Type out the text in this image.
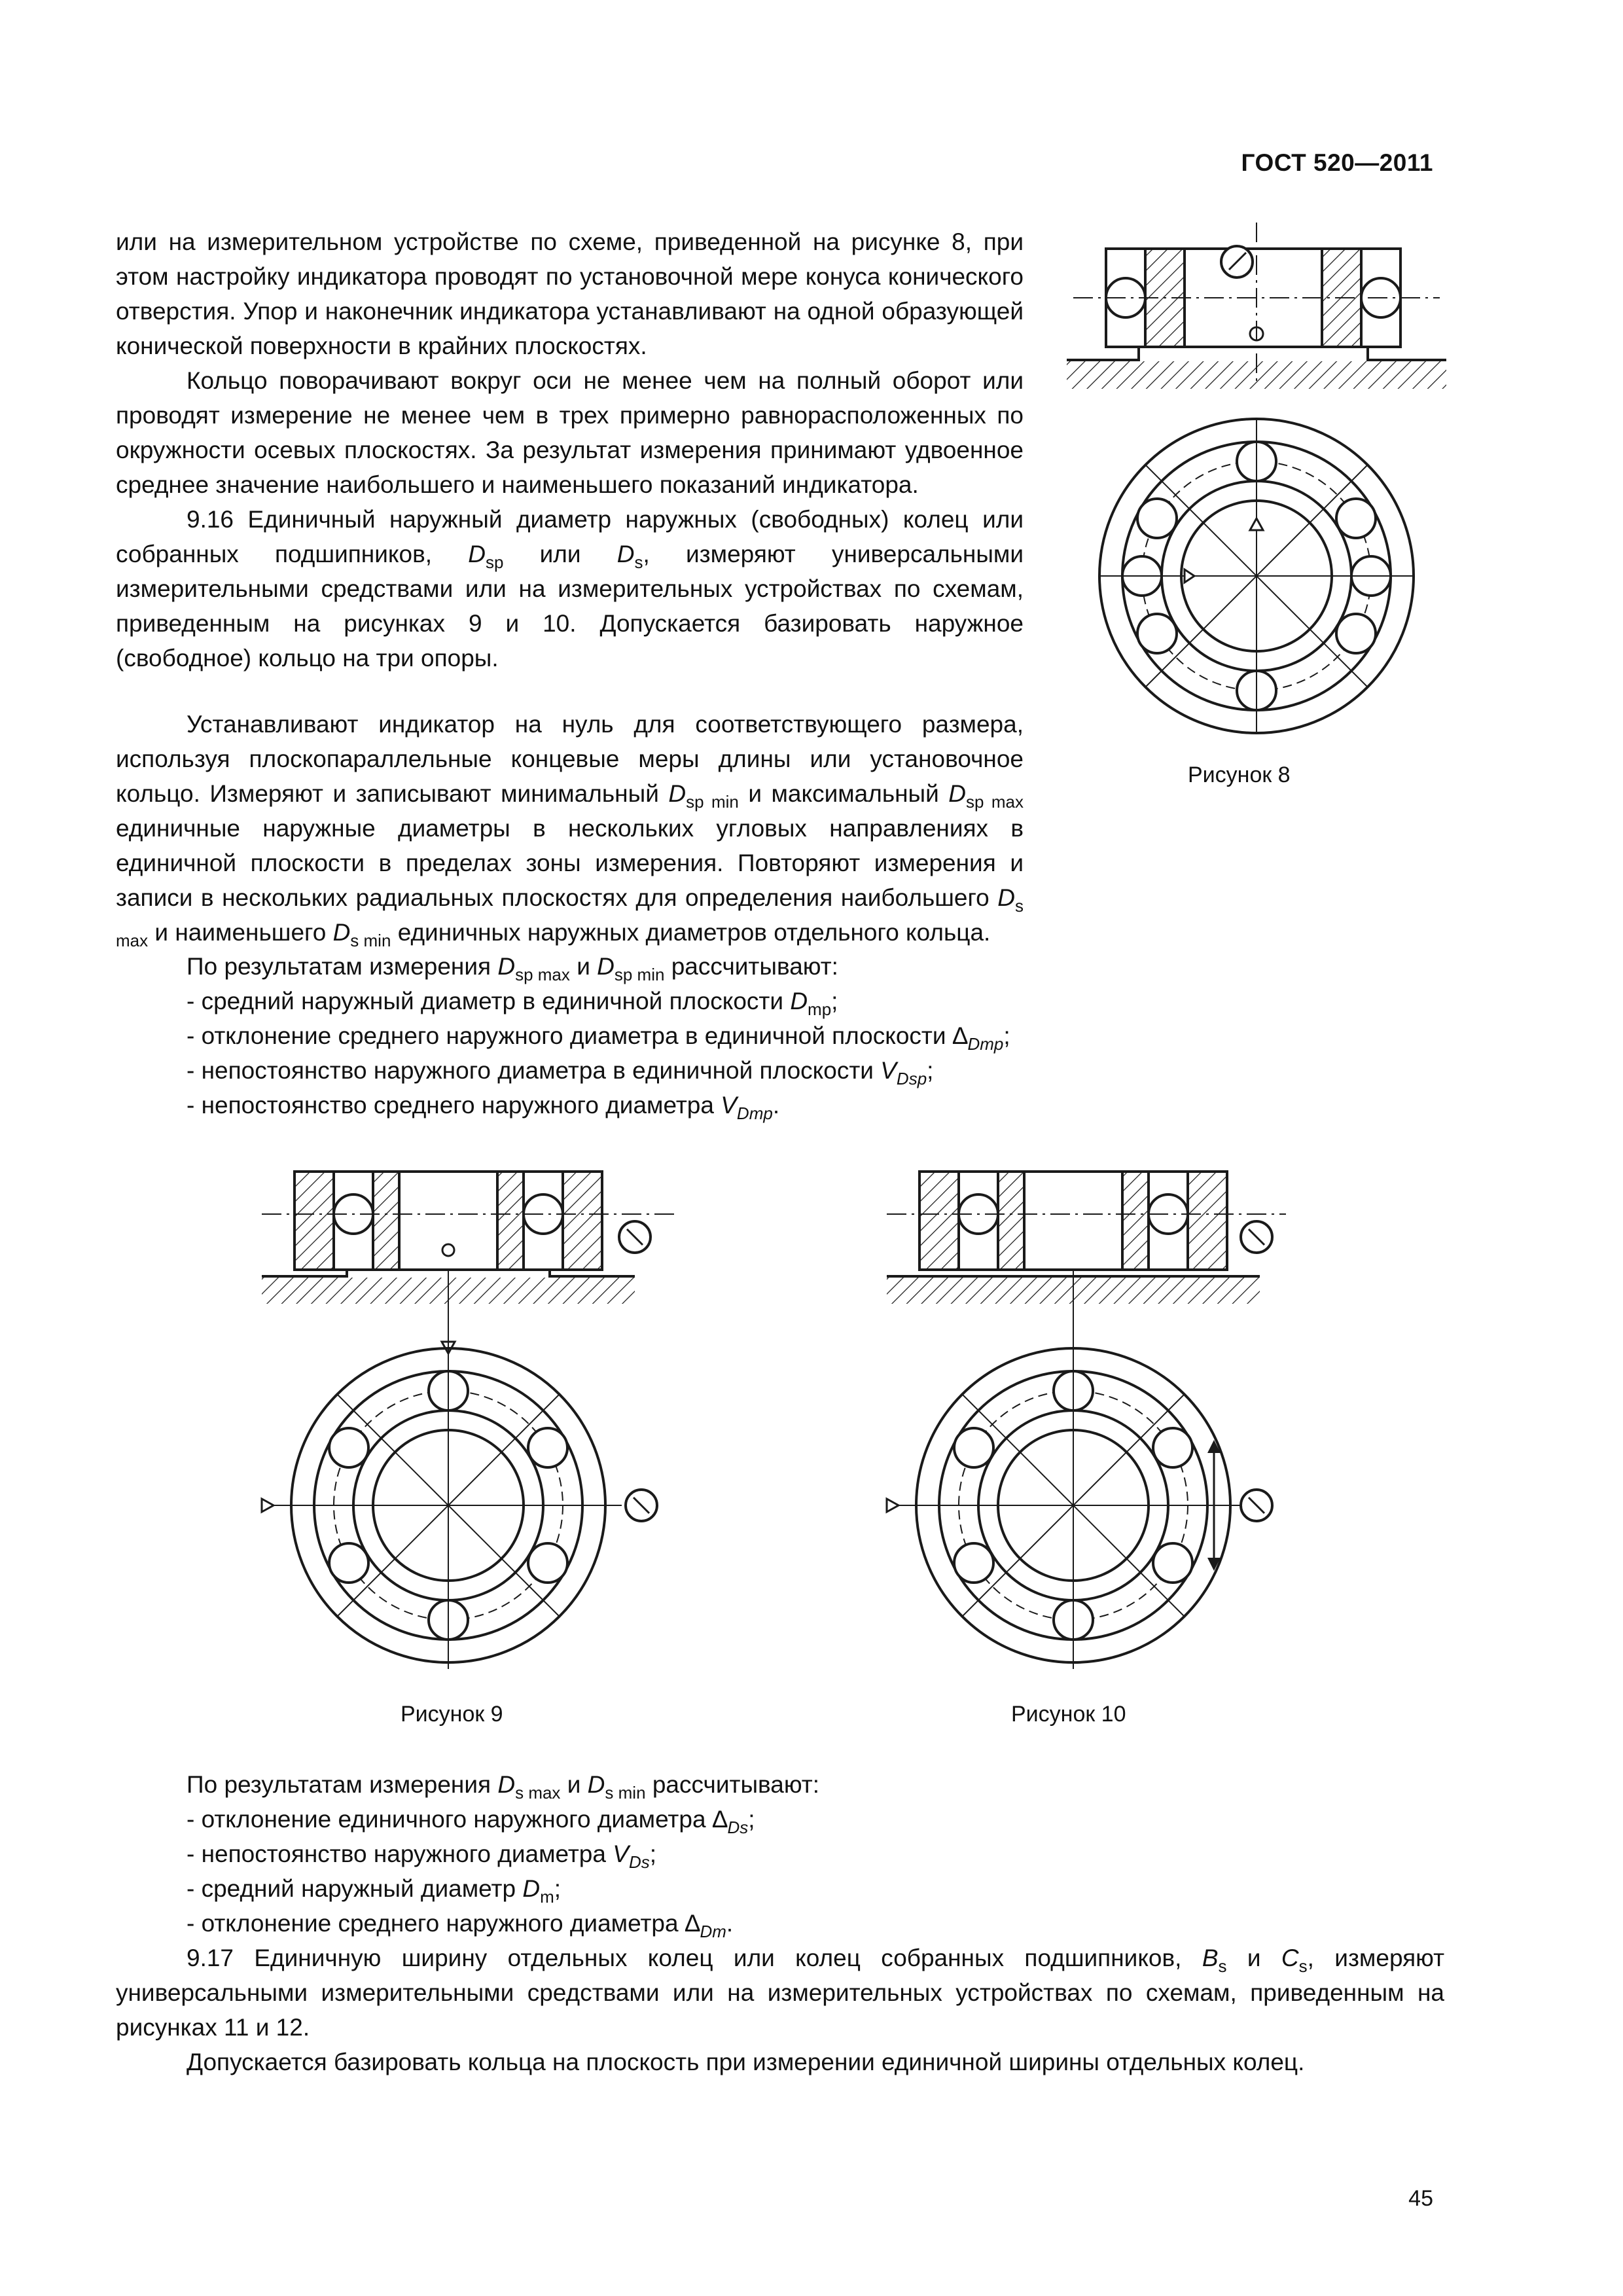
ГОСТ 520—2011

или на измерительном устройстве по схеме, приведенной на рисунке 8, при этом настройку индикатора проводят по установочной мере конуса конического отверстия. Упор и наконечник индикатора устанавливают на одной образующей конической поверхности в крайних плоскостях.

Кольцо поворачивают вокруг оси не менее чем на полный оборот или проводят измерение не менее чем в трех примерно равнорасположенных по окружности осевых плоскостях. За результат измерения принимают удвоенное среднее значение наибольшего и наименьшего показаний индикатора.

9.16 Единичный наружный диаметр наружных (свободных) колец или собранных подшипников, $D_{sp}$ или $D_s$, измеряют универсальными измерительными средствами или на измерительных устройствах по схемам, приведенным на рисунках 9 и 10. Допускается базировать наружное (свободное) кольцо на три опоры.

Устанавливают индикатор на нуль для соответствующего размера, используя плоскопараллельные концевые меры длины или установочное кольцо. Измеряют и записывают минимальный $D_{sp min}$ и максимальный $D_{sp max}$ единичные наружные диаметры в нескольких угловых направлениях в единичной плоскости в пределах зоны измерения. Повторяют измерения и записи в нескольких радиальных плоскостях для определения наибольшего $D_{s max}$ и наименьшего $D_{s min}$ единичных наружных диаметров отдельного кольца.

По результатам измерения $D_{sp max}$ и $D_{sp min}$ рассчитывают:

- средний наружный диаметр в единичной плоскости $D_{mp}$;

- отклонение среднего наружного диаметра в единичной плоскости $\Delta_{Dmp}$;

- непостоянство наружного диаметра в единичной плоскости $V_{Dsp}$;

- непостоянство среднего наружного диаметра $V_{Dmp}$.

Рисунок 8
Рисунок 9	Рисунок 10

По результатам измерения $D_{s max}$ и $D_{s min}$ рассчитывают:

- отклонение единичного наружного диаметра $\Delta_{Ds}$;

- непостоянство наружного диаметра $V_{Ds}$;

- средний наружный диаметр $D_m$;

- отклонение среднего наружного диаметра $\Delta_{Dm}$.

9.17 Единичную ширину отдельных колец или колец собранных подшипников, $B_s$ и $C_s$, измеряют универсальными измерительными средствами или на измерительных устройствах по схемам, приведенным на рисунках 11 и 12.

Допускается базировать кольца на плоскость при измерении единичной ширины отдельных колец.

45
